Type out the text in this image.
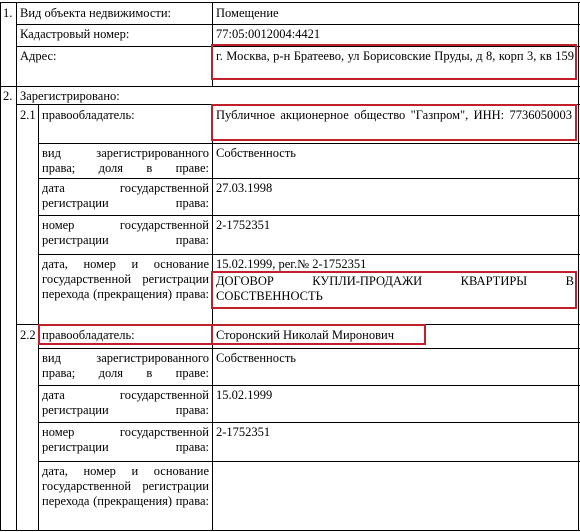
1. Вид объекта недвижимости:	Помещение
Кадастровый номер:	77:05:0012004:4421
Адрес:	г. Москва, р-н Братеево, ул Борисовские Пруды, д 8, корп 3, кв 159
2. Зарегистрировано:
2.1 правообладатель:	Публичное акционерное общество "Газпром", ИНН: 7736050003
вид зарегистрированного права; доля в праве:
Собственность
дата государственной регистрации права:
27.03.1998
номер государственной регистрации права:
2-1752351
дата, номер и основание государственной регистрации перехода (прекращения) права:
15.02.1999, рег.№ 2-1752351
ДОГОВОР КУПЛИ-ПРОДАЖИ КВАРТИРЫ В СОБСТВЕННОСТЬ
2.2 правообладатель:	Сторонский Николай Миронович
вид зарегистрированного права; доля в праве:
Собственность
дата государственной регистрации права:
15.02.1999
номер государственной регистрации права:
2-1752351
дата, номер и основание государственной регистрации перехода (прекращения) права:
